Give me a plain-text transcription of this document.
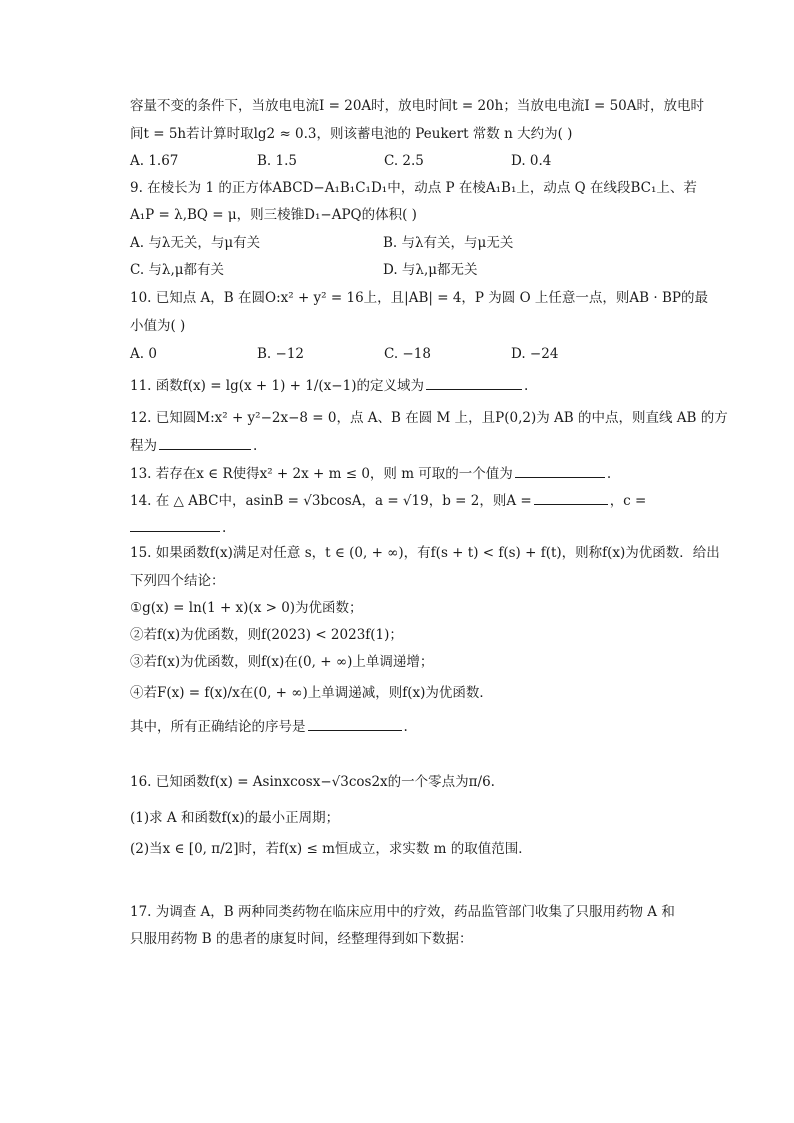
容量不变的条件下，当放电电流I = 20A时，放电时间t = 20h；当放电电流I = 50A时，放电时
间t = 5h若计算时取lg2 ≈ 0.3，则该蓄电池的 Peukert 常数 n 大约为( )
A. 1.67	B. 1.5	C. 2.5	D. 0.4
9. 在棱长为 1 的正方体ABCD−A₁B₁C₁D₁中，动点 P 在棱A₁B₁上，动点 Q 在线段BC₁上、若
A₁P = λ,BQ = μ，则三棱锥D₁−APQ的体积( )
A. 与λ无关，与μ有关	B. 与λ有关，与μ无关
C. 与λ,μ都有关	D. 与λ,μ都无关
10. 已知点 A，B 在圆O:x² + y² = 16上，且|AB| = 4，P 为圆 O 上任意一点，则AB · BP的最
小值为( )
A. 0	B. −12	C. −18	D. −24
11. 函数f(x) = lg(x + 1) + 1/(x−1)的定义域为	.
12. 已知圆M:x² + y²−2x−8 = 0，点 A、B 在圆 M 上，且P(0,2)为 AB 的中点，则直线 AB 的方
程为	.
13. 若存在x ∈ R使得x² + 2x + m ≤ 0，则 m 可取的一个值为	.
14. 在 △ ABC中，asinB = √3bcosA，a = √19，b = 2，则A =	，c =
.
15. 如果函数f(x)满足对任意 s，t ∈ (0, + ∞)，有f(s + t) < f(s) + f(t)，则称f(x)为优函数．给出
下列四个结论：
①g(x) = ln(1 + x)(x > 0)为优函数；
②若f(x)为优函数，则f(2023) < 2023f(1)；
③若f(x)为优函数，则f(x)在(0, + ∞)上单调递增；
④若F(x) = f(x)/x在(0, + ∞)上单调递减，则f(x)为优函数．
其中，所有正确结论的序号是	.
16. 已知函数f(x) = Asinxcosx−√3cos2x的一个零点为π/6.
(1)求 A 和函数f(x)的最小正周期；
(2)当x ∈ [0, π/2]时，若f(x) ≤ m恒成立，求实数 m 的取值范围．
17. 为调查 A，B 两种同类药物在临床应用中的疗效，药品监管部门收集了只服用药物 A 和
只服用药物 B 的患者的康复时间，经整理得到如下数据：
